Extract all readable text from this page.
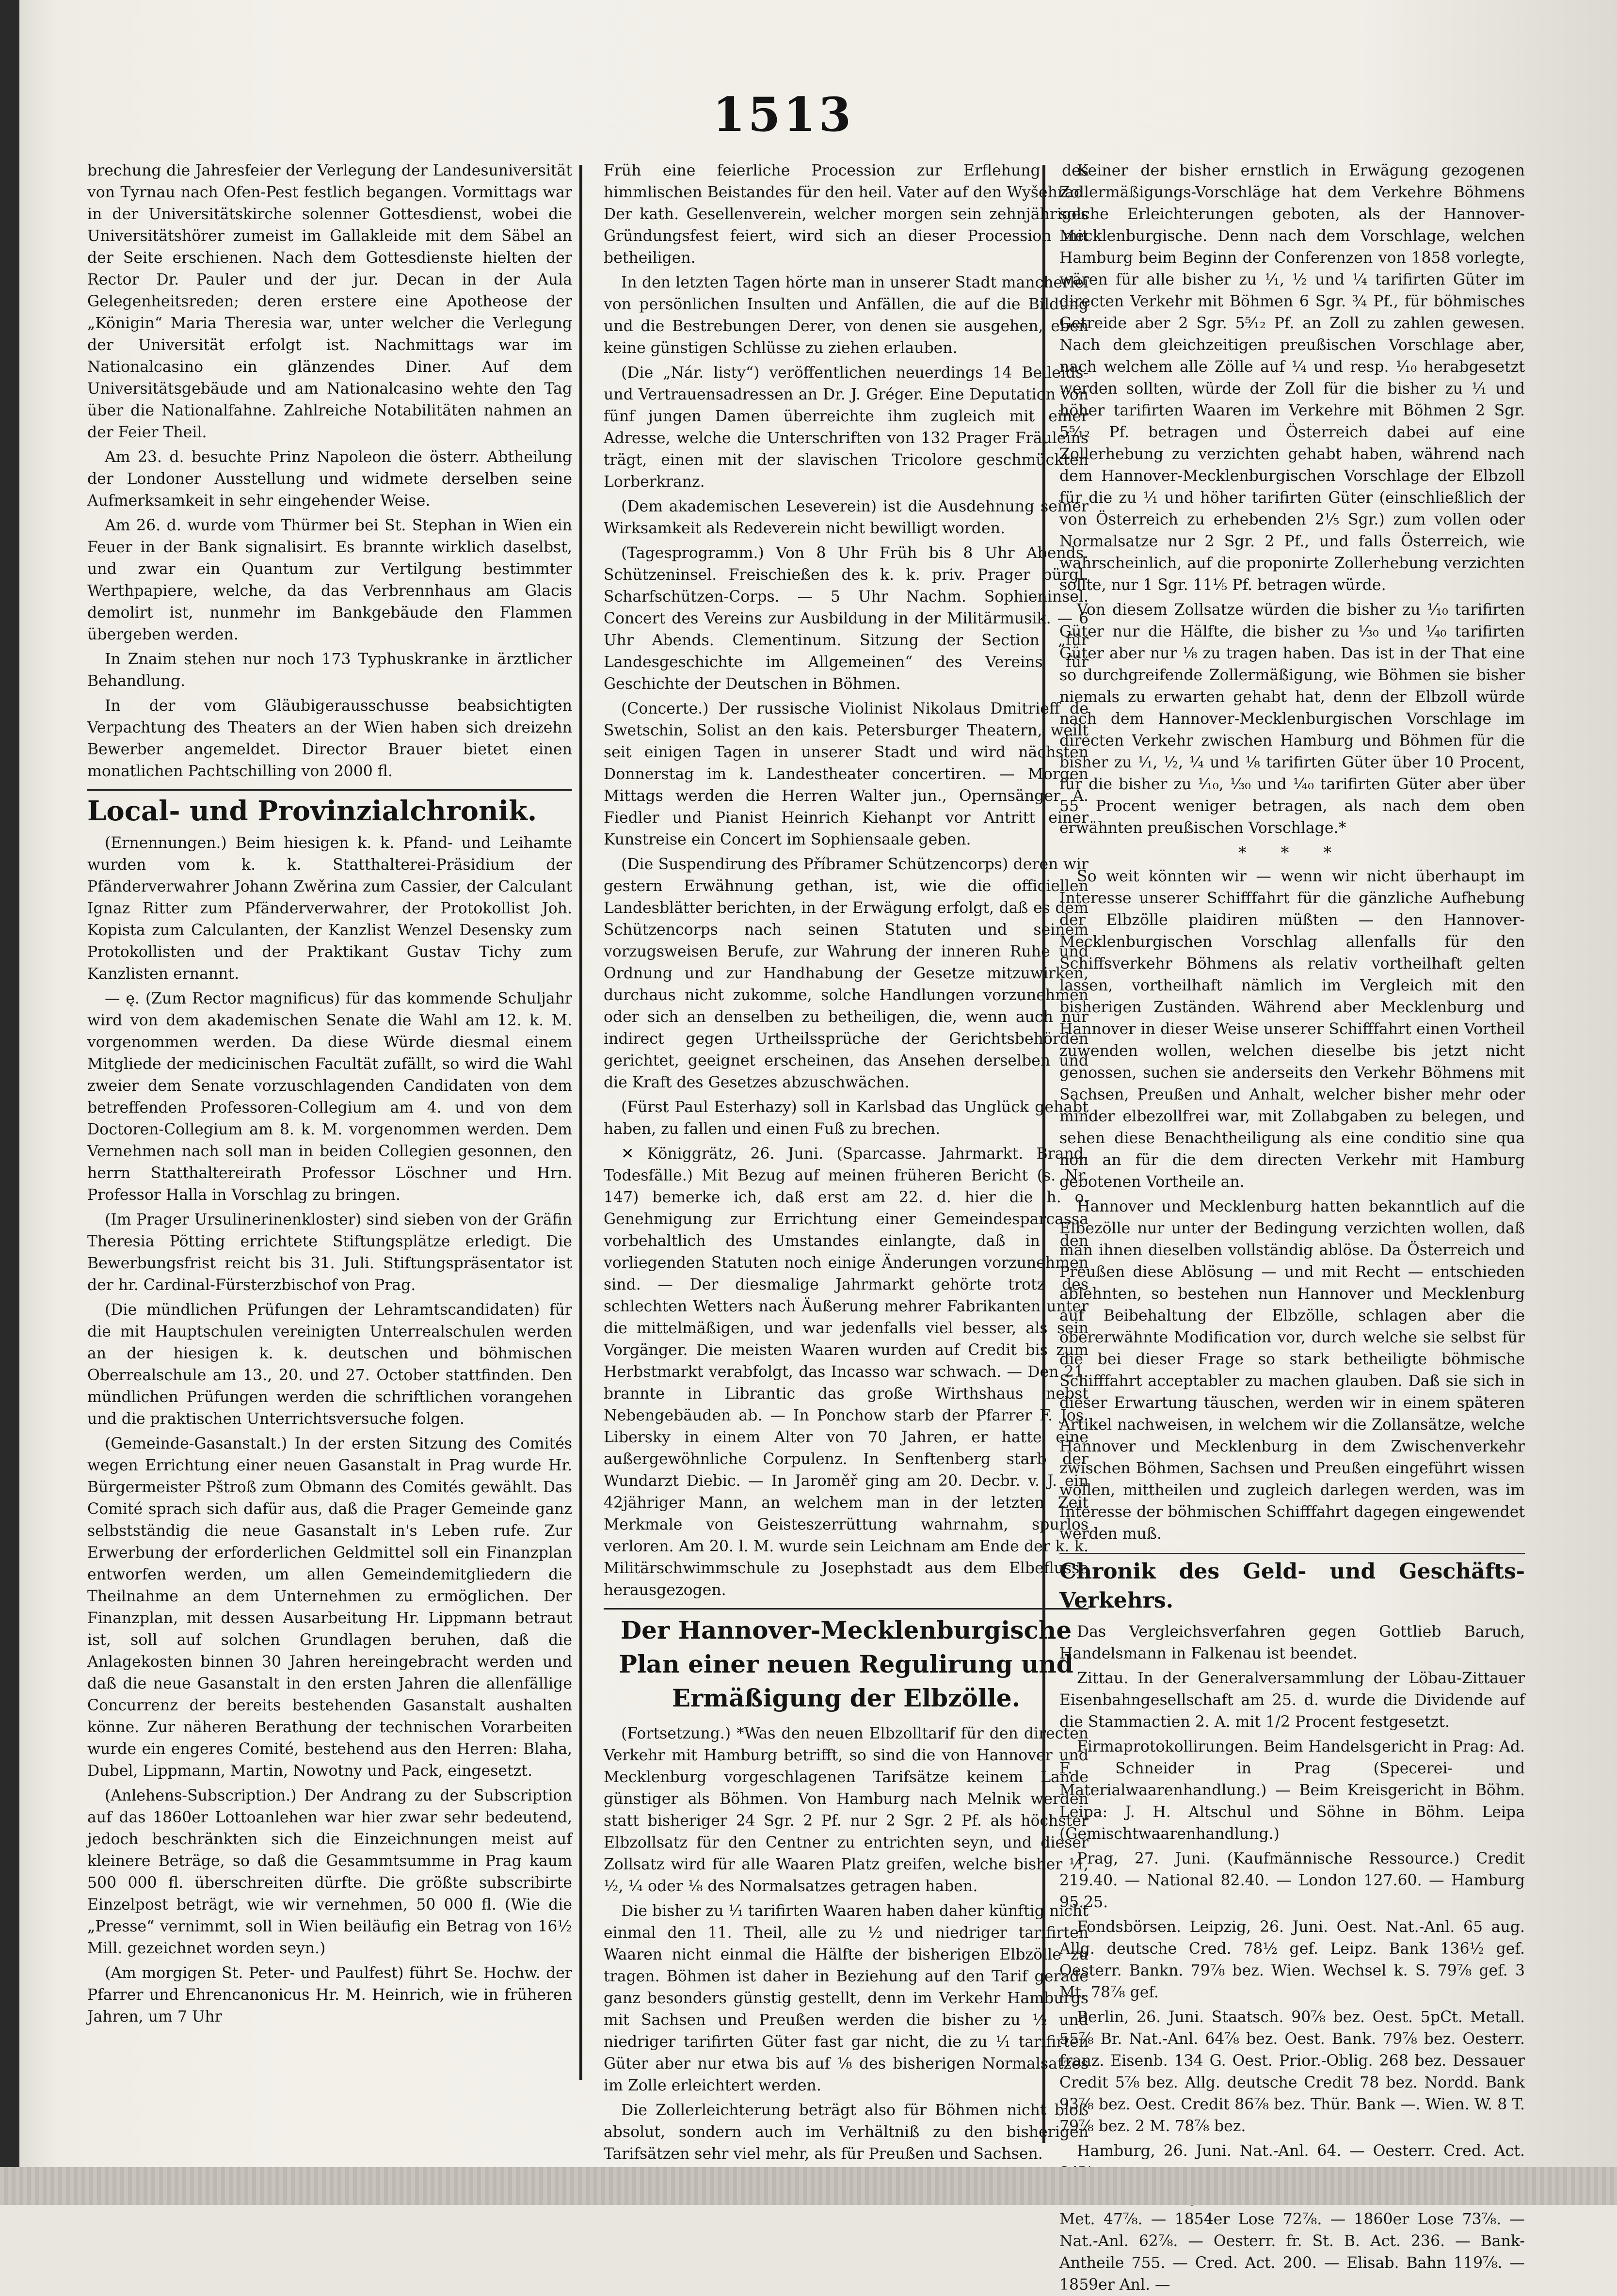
1513

brechung die Jahresfeier der Verlegung der Landesuniversität von Tyrnau nach Ofen-Pest festlich begangen. Vormittags war in der Universitätskirche solenner Gottesdienst, wobei die Universitätshörer zumeist im Gallakleide mit dem Säbel an der Seite erschienen. Nach dem Gottesdienste hielten der Rector Dr. Pauler und der jur. Decan in der Aula Gelegenheitsreden; deren erstere eine Apotheose der „Königin“ Maria Theresia war, unter welcher die Verlegung der Universität erfolgt ist. Nachmittags war im Nationalcasino ein glänzendes Diner. Auf dem Universitätsgebäude und am Nationalcasino wehte den Tag über die Nationalfahne. Zahlreiche Notabilitäten nahmen an der Feier Theil.

Am 23. d. besuchte Prinz Napoleon die österr. Abtheilung der Londoner Ausstellung und widmete derselben seine Aufmerksamkeit in sehr eingehender Weise.

Am 26. d. wurde vom Thürmer bei St. Stephan in Wien ein Feuer in der Bank signalisirt. Es brannte wirklich daselbst, und zwar ein Quantum zur Vertilgung bestimmter Werthpapiere, welche, da das Verbrennhaus am Glacis demolirt ist, nunmehr im Bankgebäude den Flammen übergeben werden.

In Znaim stehen nur noch 173 Typhuskranke in ärztlicher Behandlung.

In der vom Gläubigerausschusse beabsichtigten Verpachtung des Theaters an der Wien haben sich dreizehn Bewerber angemeldet. Director Brauer bietet einen monatlichen Pachtschilling von 2000 fl.

Local- und Provinzialchronik.

(Ernennungen.) Beim hiesigen k. k. Pfand- und Leihamte wurden vom k. k. Statthalterei-Präsidium der Pfänderverwahrer Johann Zwěrina zum Cassier, der Calculant Ignaz Ritter zum Pfänderverwahrer, der Protokollist Joh. Kopista zum Calculanten, der Kanzlist Wenzel Desensky zum Protokollisten und der Praktikant Gustav Tichy zum Kanzlisten ernannt.

— ę. (Zum Rector magnificus) für das kommende Schuljahr wird von dem akademischen Senate die Wahl am 12. k. M. vorgenommen werden. Da diese Würde diesmal einem Mitgliede der medicinischen Facultät zufällt, so wird die Wahl zweier dem Senate vorzuschlagenden Candidaten von dem betreffenden Professoren-Collegium am 4. und von dem Doctoren-Collegium am 8. k. M. vorgenommen werden. Dem Vernehmen nach soll man in beiden Collegien gesonnen, den herrn Statthaltereirath Professor Löschner und Hrn. Professor Halla in Vorschlag zu bringen.

(Im Prager Ursulinerinenkloster) sind sieben von der Gräfin Theresia Pötting errichtete Stiftungsplätze erledigt. Die Bewerbungsfrist reicht bis 31. Juli. Stiftungspräsentator ist der hr. Cardinal-Fürsterzbischof von Prag.

(Die mündlichen Prüfungen der Lehramtscandidaten) für die mit Hauptschulen vereinigten Unterrealschulen werden an der hiesigen k. k. deutschen und böhmischen Oberrealschule am 13., 20. und 27. October stattfinden. Den mündlichen Prüfungen werden die schriftlichen vorangehen und die praktischen Unterrichtsversuche folgen.

(Gemeinde-Gasanstalt.) In der ersten Sitzung des Comités wegen Errichtung einer neuen Gasanstalt in Prag wurde Hr. Bürgermeister Pštroß zum Obmann des Comités gewählt. Das Comité sprach sich dafür aus, daß die Prager Gemeinde ganz selbstständig die neue Gasanstalt in's Leben rufe. Zur Erwerbung der erforderlichen Geldmittel soll ein Finanzplan entworfen werden, um allen Gemeindemitgliedern die Theilnahme an dem Unternehmen zu ermöglichen. Der Finanzplan, mit dessen Ausarbeitung Hr. Lippmann betraut ist, soll auf solchen Grundlagen beruhen, daß die Anlagekosten binnen 30 Jahren hereingebracht werden und daß die neue Gasanstalt in den ersten Jahren die allenfällige Concurrenz der bereits bestehenden Gasanstalt aushalten könne. Zur näheren Berathung der technischen Vorarbeiten wurde ein engeres Comité, bestehend aus den Herren: Blaha, Dubel, Lippmann, Martin, Nowotny und Pack, eingesetzt.

(Anlehens-Subscription.) Der Andrang zu der Subscription auf das 1860er Lottoanlehen war hier zwar sehr bedeutend, jedoch beschränkten sich die Einzeichnungen meist auf kleinere Beträge, so daß die Gesammtsumme in Prag kaum 500 000 fl. überschreiten dürfte. Die größte subscribirte Einzelpost beträgt, wie wir vernehmen, 50 000 fl. (Wie die „Presse“ vernimmt, soll in Wien beiläufig ein Betrag von 16½ Mill. gezeichnet worden seyn.)

(Am morgigen St. Peter- und Paulfest) führt Se. Hochw. der Pfarrer und Ehrencanonicus Hr. M. Heinrich, wie in früheren Jahren, um 7 Uhr

Früh eine feierliche Procession zur Erflehung des himmlischen Beistandes für den heil. Vater auf den Wyšehrad. Der kath. Gesellenverein, welcher morgen sein zehnjähriges Gründungsfest feiert, wird sich an dieser Procession mit betheiligen.

In den letzten Tagen hörte man in unserer Stadt mancherlei von persönlichen Insulten und Anfällen, die auf die Bildung und die Bestrebungen Derer, von denen sie ausgehen, eben keine günstigen Schlüsse zu ziehen erlauben.

(Die „Nár. listy“) veröffentlichen neuerdings 14 Beileids- und Vertrauensadressen an Dr. J. Gréger. Eine Deputation von fünf jungen Damen überreichte ihm zugleich mit einer Adresse, welche die Unterschriften von 132 Prager Fräuleins trägt, einen mit der slavischen Tricolore geschmückten Lorberkranz.

(Dem akademischen Leseverein) ist die Ausdehnung seiner Wirksamkeit als Redeverein nicht bewilligt worden.

(Tagesprogramm.) Von 8 Uhr Früh bis 8 Uhr Abends. Schützeninsel. Freischießen des k. k. priv. Prager bürgl. Scharfschützen-Corps. — 5 Uhr Nachm. Sophieninsel. Concert des Vereins zur Ausbildung in der Militärmusik. — 6 Uhr Abends. Clementinum. Sitzung der Section „für Landesgeschichte im Allgemeinen“ des Vereins für Geschichte der Deutschen in Böhmen.

(Concerte.) Der russische Violinist Nikolaus Dmitrieff de Swetschin, Solist an den kais. Petersburger Theatern, weilt seit einigen Tagen in unserer Stadt und wird nächsten Donnerstag im k. Landestheater concertiren. — Morgen Mittags werden die Herren Walter jun., Opernsänger A. Fiedler und Pianist Heinrich Kiehanpt vor Antritt einer Kunstreise ein Concert im Sophiensaale geben.

(Die Suspendirung des Příbramer Schützencorps) deren wir gestern Erwähnung gethan, ist, wie die officiellen Landesblätter berichten, in der Erwägung erfolgt, daß es dem Schützencorps nach seinen Statuten und seinem vorzugsweisen Berufe, zur Wahrung der inneren Ruhe und Ordnung und zur Handhabung der Gesetze mitzuwirken, durchaus nicht zukomme, solche Handlungen vorzunehmen oder sich an denselben zu betheiligen, die, wenn auch nur indirect gegen Urtheilssprüche der Gerichtsbehörden gerichtet, geeignet erscheinen, das Ansehen derselben und die Kraft des Gesetzes abzuschwächen.

(Fürst Paul Esterhazy) soll in Karlsbad das Unglück gehabt haben, zu fallen und einen Fuß zu brechen.

✕ Königgrätz, 26. Juni. (Sparcasse. Jahrmarkt. Brand. Todesfälle.) Mit Bezug auf meinen früheren Bericht (s. Nr. 147) bemerke ich, daß erst am 22. d. hier die h. o. Genehmigung zur Errichtung einer Gemeindesparcassa vorbehaltlich des Umstandes einlangte, daß in den vorliegenden Statuten noch einige Änderungen vorzunehmen sind. — Der diesmalige Jahrmarkt gehörte trotz des schlechten Wetters nach Äußerung mehrer Fabrikanten unter die mittelmäßigen, und war jedenfalls viel besser, als sein Vorgänger. Die meisten Waaren wurden auf Credit bis zum Herbstmarkt verabfolgt, das Incasso war schwach. — Den 21. brannte in Librantic das große Wirthshaus nebst Nebengebäuden ab. — In Ponchow starb der Pfarrer F. Jos. Libersky in einem Alter von 70 Jahren, er hatte eine außergewöhnliche Corpulenz. In Senftenberg starb der Wundarzt Diebic. — In Jaroměř ging am 20. Decbr. v. J. ein 42jähriger Mann, an welchem man in der letzten Zeit Merkmale von Geisteszerrüttung wahrnahm, spurlos verloren. Am 20. l. M. wurde sein Leichnam am Ende der k. k. Militärschwimmschule zu Josephstadt aus dem Elbeflusse herausgezogen.

Der Hannover-Mecklenburgische Plan einer neuen Regulirung und Ermäßigung der Elbzölle.

(Fortsetzung.) *Was den neuen Elbzolltarif für den directen Verkehr mit Hamburg betrifft, so sind die von Hannover und Mecklenburg vorgeschlagenen Tarifsätze keinem Lande günstiger als Böhmen. Von Hamburg nach Melnik werden statt bisheriger 24 Sgr. 2 Pf. nur 2 Sgr. 2 Pf. als höchster Elbzollsatz für den Centner zu entrichten seyn, und dieser Zollsatz wird für alle Waaren Platz greifen, welche bisher ¹⁄₁, ¹⁄₂, ¹⁄₄ oder ¹⁄₈ des Normalsatzes getragen haben.

Die bisher zu ¹⁄₁ tarifirten Waaren haben daher künftig nicht einmal den 11. Theil, alle zu ½ und niedriger tarifirten Waaren nicht einmal die Hälfte der bisherigen Elbzölle zu tragen. Böhmen ist daher in Beziehung auf den Tarif gerade ganz besonders günstig gestellt, denn im Verkehr Hamburgs mit Sachsen und Preußen werden die bisher zu ½ und niedriger tarifirten Güter fast gar nicht, die zu ¹⁄₁ tarifirten Güter aber nur etwa bis auf ⅛ des bisherigen Normalsatzes im Zolle erleichtert werden.

Die Zollerleichterung beträgt also für Böhmen nicht bloß absolut, sondern auch im Verhältniß zu den bisherigen Tarifsätzen sehr viel mehr, als für Preußen und Sachsen.

Keiner der bisher ernstlich in Erwägung gezogenen Zollermäßigungs-Vorschläge hat dem Verkehre Böhmens solche Erleichterungen geboten, als der Hannover-Mecklenburgische. Denn nach dem Vorschlage, welchen Hamburg beim Beginn der Conferenzen von 1858 vorlegte, wären für alle bisher zu ¹⁄₁, ¹⁄₂ und ¹⁄₄ tarifirten Güter im directen Verkehr mit Böhmen 6 Sgr. ¾ Pf., für böhmisches Getreide aber 2 Sgr. 5⁵⁄₁₂ Pf. an Zoll zu zahlen gewesen. Nach dem gleichzeitigen preußischen Vorschlage aber, nach welchem alle Zölle auf ¼ und resp. ¹⁄₁₀ herabgesetzt werden sollten, würde der Zoll für die bisher zu ¹⁄₁ und höher tarifirten Waaren im Verkehre mit Böhmen 2 Sgr. 5⁵⁄₁₂ Pf. betragen und Österreich dabei auf eine Zollerhebung zu verzichten gehabt haben, während nach dem Hannover-Mecklenburgischen Vorschlage der Elbzoll für die zu ¹⁄₁ und höher tarifirten Güter (einschließlich der von Österreich zu erhebenden 2⅕ Sgr.) zum vollen oder Normalsatze nur 2 Sgr. 2 Pf., und falls Österreich, wie wahrscheinlich, auf die proponirte Zollerhebung verzichten sollte, nur 1 Sgr. 11⅕ Pf. betragen würde.

Von diesem Zollsatze würden die bisher zu ¹⁄₁₀ tarifirten Güter nur die Hälfte, die bisher zu ¹⁄₃₀ und ¹⁄₄₀ tarifirten Güter aber nur ⅛ zu tragen haben. Das ist in der That eine so durchgreifende Zollermäßigung, wie Böhmen sie bisher niemals zu erwarten gehabt hat, denn der Elbzoll würde nach dem Hannover-Mecklenburgischen Vorschlage im directen Verkehr zwischen Hamburg und Böhmen für die bisher zu ¹⁄₁, ¹⁄₂, ¹⁄₄ und ¹⁄₈ tarifirten Güter über 10 Procent, für die bisher zu ¹⁄₁₀, ¹⁄₃₀ und ¹⁄₄₀ tarifirten Güter aber über 55 Procent weniger betragen, als nach dem oben erwähnten preußischen Vorschlage.*

* * *

So weit könnten wir — wenn wir nicht überhaupt im Interesse unserer Schifffahrt für die gänzliche Aufhebung der Elbzölle plaidiren müßten — den Hannover-Mecklenburgischen Vorschlag allenfalls für den Schiffsverkehr Böhmens als relativ vortheilhaft gelten lassen, vortheilhaft nämlich im Vergleich mit den bisherigen Zuständen. Während aber Mecklenburg und Hannover in dieser Weise unserer Schifffahrt einen Vortheil zuwenden wollen, welchen dieselbe bis jetzt nicht genossen, suchen sie anderseits den Verkehr Böhmens mit Sachsen, Preußen und Anhalt, welcher bisher mehr oder minder elbezollfrei war, mit Zollabgaben zu belegen, und sehen diese Benachtheiligung als eine conditio sine qua non an für die dem directen Verkehr mit Hamburg gebotenen Vortheile an.

Hannover und Mecklenburg hatten bekanntlich auf die Elbezölle nur unter der Bedingung verzichten wollen, daß man ihnen dieselben vollständig ablöse. Da Österreich und Preußen diese Ablösung — und mit Recht — entschieden ablehnten, so bestehen nun Hannover und Mecklenburg auf Beibehaltung der Elbzölle, schlagen aber die obererwähnte Modification vor, durch welche sie selbst für die bei dieser Frage so stark betheiligte böhmische Schifffahrt acceptabler zu machen glauben. Daß sie sich in dieser Erwartung täuschen, werden wir in einem späteren Artikel nachweisen, in welchem wir die Zollansätze, welche Hannover und Mecklenburg in dem Zwischenverkehr zwischen Böhmen, Sachsen und Preußen eingeführt wissen wollen, mittheilen und zugleich darlegen werden, was im Interesse der böhmischen Schifffahrt dagegen eingewendet werden muß.

Chronik des Geld- und Geschäfts-Verkehrs.

Das Vergleichsverfahren gegen Gottlieb Baruch, Handelsmann in Falkenau ist beendet.

Zittau. In der Generalversammlung der Löbau-Zittauer Eisenbahngesellschaft am 25. d. wurde die Dividende auf die Stammactien 2. A. mit 1/2 Procent festgesetzt.

Firmaprotokollirungen. Beim Handelsgericht in Prag: Ad. F. Schneider in Prag (Specerei- und Materialwaarenhandlung.) — Beim Kreisgericht in Böhm. Leipa: J. H. Altschul und Söhne in Böhm. Leipa (Gemischtwaarenhandlung.)

Prag, 27. Juni. (Kaufmännische Ressource.) Credit 219.40. — National 82.40. — London 127.60. — Hamburg 95.25.

Fondsbörsen. Leipzig, 26. Juni. Oest. Nat.-Anl. 65 aug. Allg. deutsche Cred. 78½ gef. Leipz. Bank 136½ gef. Oesterr. Bankn. 79⅞ bez. Wien. Wechsel k. S. 79⅞ gef. 3 Mt. 78⅞ gef.

Berlin, 26. Juni. Staatsch. 90⅞ bez. Oest. 5pCt. Metall. 55⅞ Br. Nat.-Anl. 64⅞ bez. Oest. Bank. 79⅞ bez. Oesterr. franz. Eisenb. 134 G. Oest. Prior.-Oblig. 268 bez. Dessauer Credit 5⅞ bez. Allg. deutsche Credit 78 bez. Nordd. Bank 93⅞ bez. Oest. Credit 86⅞ bez. Thür. Bank —. Wien. W. 8 T. 79⅞ bez. 2 M. 78⅞ bez.

Hamburg, 26. Juni. Nat.-Anl. 64. — Oesterr. Cred. Act.

Met. 47⅞. — 1854er Lose 72⅞. — 1860er Lose 73⅞. — Nat.-Anl. 62⅞. — Oesterr. fr. St. B. Act. 236. — Bank-Antheile 755. — Cred. Act. 200. — Elisab. Bahn 119⅞. — 1859er Anl. —
